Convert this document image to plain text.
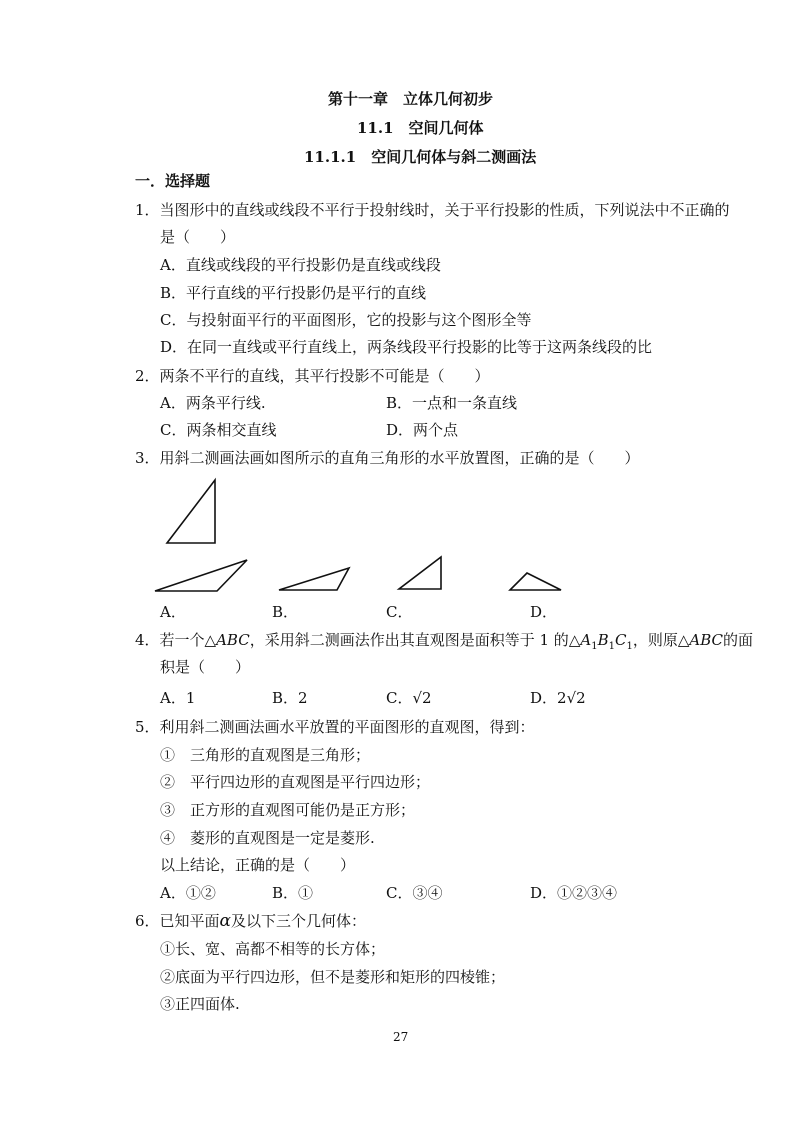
第十一章　立体几何初步
11.1　空间几何体
11.1.1　空间几何体与斜二测画法
一．选择题
1．当图形中的直线或线段不平行于投射线时，关于平行投影的性质，下列说法中不正确的
是（　　）
A．直线或线段的平行投影仍是直线或线段
B．平行直线的平行投影仍是平行的直线
C．与投射面平行的平面图形，它的投影与这个图形全等
D．在同一直线或平行直线上，两条线段平行投影的比等于这两条线段的比
2．两条不平行的直线，其平行投影不可能是（　　）
A．两条平行线.	B．一点和一条直线
C．两条相交直线	D．两个点
3．用斜二测画法画如图所示的直角三角形的水平放置图，正确的是（　　）
A．	B．	C．	D．
4．若一个△ABC，采用斜二测画法作出其直观图是面积等于 1 的$\triangle A_1B_1C_1$，则原△ABC的面
积是（　　）
A．1	B．2	C．√2	D．2√2
5．利用斜二测画法画水平放置的平面图形的直观图，得到：
①　三角形的直观图是三角形；
②　平行四边形的直观图是平行四边形；
③　正方形的直观图可能仍是正方形；
④　菱形的直观图是一定是菱形.
以上结论，正确的是（　　）
A．①②	B．①	C．③④	D．①②③④
6．已知平面α及以下三个几何体：
①长、宽、高都不相等的长方体；
②底面为平行四边形，但不是菱形和矩形的四棱锥；
③正四面体.
27
